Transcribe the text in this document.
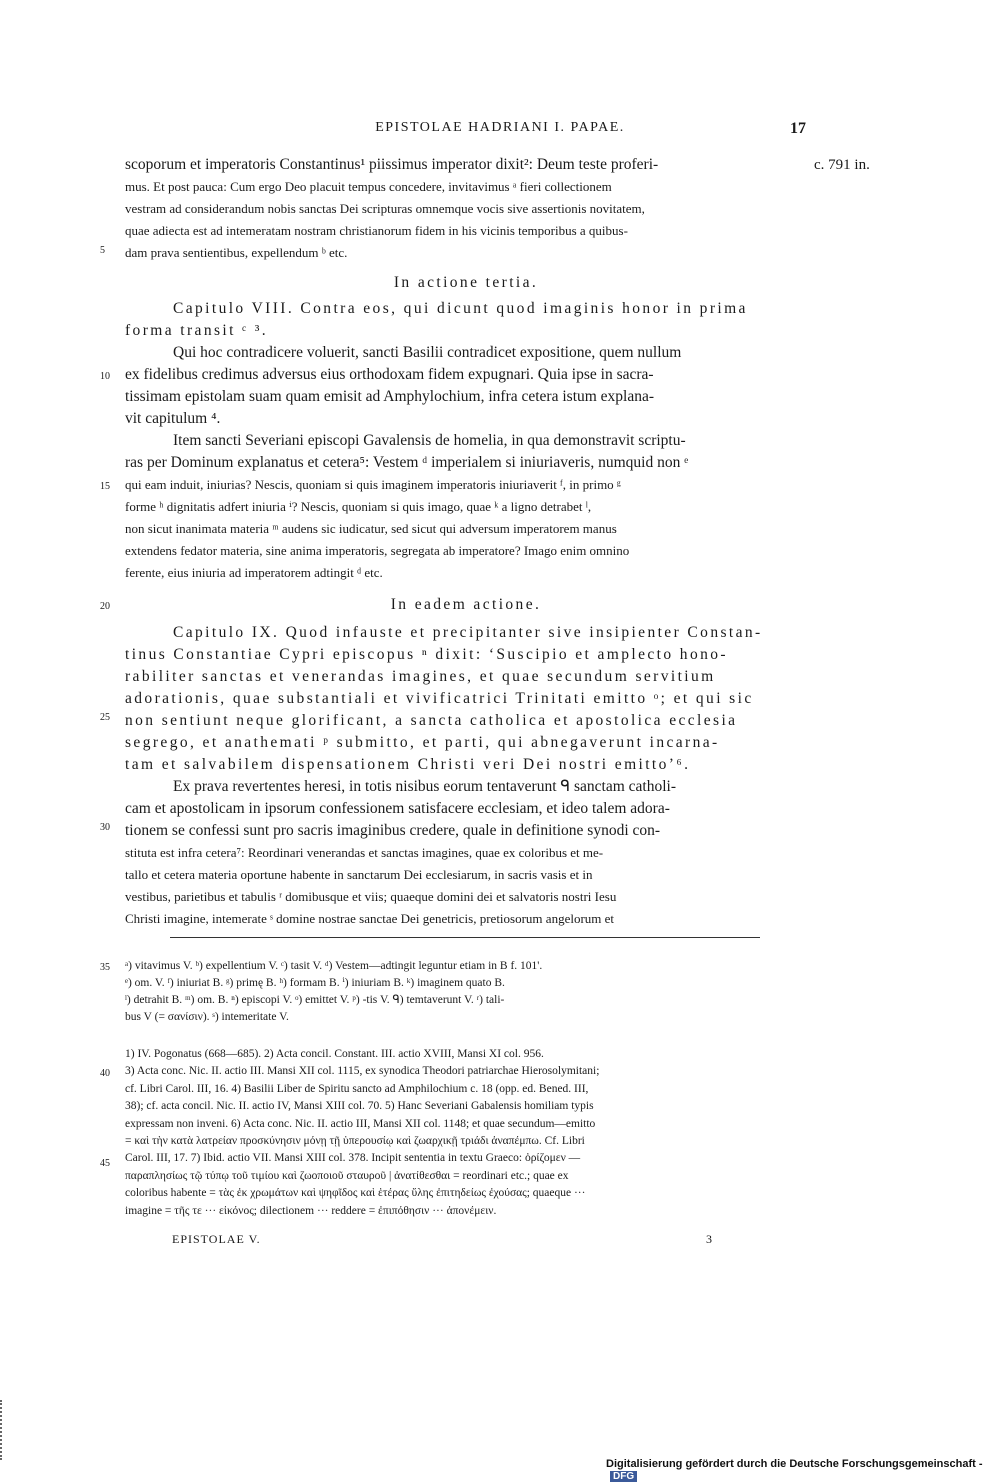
EPISTOLAE HADRIANI I. PAPAE.	17
c. 791 in.
5
10
15
20
25
30
35
40
45
scoporum et imperatoris Constantinus¹ piissimus imperator dixit²: Deum teste proferi-
mus. Et post pauca: Cum ergo Deo placuit tempus concedere, invitavimus ᵃ fieri collectionem
vestram ad considerandum nobis sanctas Dei scripturas omnemque vocis sive assertionis novitatem,
quae adiecta est ad intemeratam nostram christianorum fidem in his vicinis temporibus a quibus-
dam prava sentientibus, expellendum ᵇ etc.
In actione tertia.
Capitulo VIII. Contra eos, qui dicunt quod imaginis honor in prima
forma transit ᶜ ³.
Qui hoc contradicere voluerit, sancti Basilii contradicet expositione, quem nullum
ex fidelibus credimus adversus eius orthodoxam fidem expugnari. Quia ipse in sacra-
tissimam epistolam suam quam emisit ad Amphylochium, infra cetera istum explana-
vit capitulum ⁴.
Item sancti Severiani episcopi Gavalensis de homelia, in qua demonstravit scriptu-
ras per Dominum explanatus et cetera⁵: Vestem ᵈ imperialem si iniuriaveris, numquid non ᵉ
qui eam induit, iniurias? Nescis, quoniam si quis imaginem imperatoris iniuriaverit ᶠ, in primo ᵍ
forme ʰ dignitatis adfert iniuria ⁱ? Nescis, quoniam si quis imago, quae ᵏ a ligno detrabet ˡ,
non sicut inanimata materia ᵐ audens sic iudicatur, sed sicut qui adversum imperatorem manus
extendens fedator materia, sine anima imperatoris, segregata ab imperatore? Imago enim omnino
ferente, eius iniuria ad imperatorem adtingit ᵈ etc.
In eadem actione.
Capitulo IX. Quod infauste et precipitanter sive insipienter Constan-
tinus Constantiae Cypri episcopus ⁿ dixit: ‘Suscipio et amplecto hono-
rabiliter sanctas et venerandas imagines, et quae secundum servitium
adorationis, quae substantiali et vivificatrici Trinitati emitto ᵒ; et qui sic
non sentiunt neque glorificant, a sancta catholica et apostolica ecclesia
segrego, et anathemati ᵖ submitto, et parti, qui abnegaverunt incarna-
tam et salvabilem dispensationem Christi veri Dei nostri emitto’⁶.
Ex prava revertentes heresi, in totis nisibus eorum tentaverunt ᑫ sanctam catholi-
cam et apostolicam in ipsorum confessionem satisfacere ecclesiam, et ideo talem adora-
tionem se confessi sunt pro sacris imaginibus credere, quale in definitione synodi con-
stituta est infra cetera⁷: Reordinari venerandas et sanctas imagines, quae ex coloribus et me-
tallo et cetera materia oportune habente in sanctarum Dei ecclesiarum, in sacris vasis et in
vestibus, parietibus et tabulis ʳ domibusque et viis; quaeque domini dei et salvatoris nostri Iesu
Christi imagine, intemerate ˢ domine nostrae sanctae Dei genetricis, pretiosorum angelorum et
ᵃ) vitavimus V. ᵇ) expellentium V. ᶜ) tasit V. ᵈ) Vestem—adtingit leguntur etiam in B f. 101'.
ᵉ) om. V. ᶠ) iniuriat B. ᵍ) primę B. ʰ) formam B. ⁱ) iniuriam B. ᵏ) imaginem quato B.
ˡ) detrahit B. ᵐ) om. B. ⁿ) episcopi V. ᵒ) emittet V. ᵖ) -tis V. ᑫ) temtaverunt V. ʳ) tali-
bus V (= σανίσιν). ˢ) intemeritate V.
1) IV. Pogonatus (668—685). 2) Acta concil. Constant. III. actio XVIII, Mansi XI col. 956.
3) Acta conc. Nic. II. actio III. Mansi XII col. 1115, ex synodica Theodori patriarchae Hierosolymitani;
cf. Libri Carol. III, 16. 4) Basilii Liber de Spiritu sancto ad Amphilochium c. 18 (opp. ed. Bened. III,
38); cf. acta concil. Nic. II. actio IV, Mansi XIII col. 70. 5) Hanc Severiani Gabalensis homiliam typis
expressam non inveni. 6) Acta conc. Nic. II. actio III, Mansi XII col. 1148; et quae secundum—emitto
= καὶ τὴν κατὰ λατρείαν προσκύνησιν μόνῃ τῇ ὑπερουσίῳ καὶ ζωαρχικῇ τριάδι ἀναπέμπω. Cf. Libri
Carol. III, 17. 7) Ibid. actio VII. Mansi XIII col. 378. Incipit sententia in textu Graeco: ὁρίζομεν —
παραπλησίως τῷ τύπῳ τοῦ τιμίου καὶ ζωοποιοῦ σταυροῦ | ἀνατίθεσθαι = reordinari etc.; quae ex
coloribus habente = τὰς ἐκ χρωμάτων καὶ ψηφῖδος καὶ ἑτέρας ὕλης ἐπιτηδείως ἐχούσας; quaeque ···
imagine = τῆς τε ··· εἰκόνος; dilectionem ··· reddere = ἐπιπόθησιν ··· ἀπονέμειν.
EPISTOLAE V.	3
Digitalisierung gefördert durch die Deutsche Forschungsgemeinschaft -DFG
